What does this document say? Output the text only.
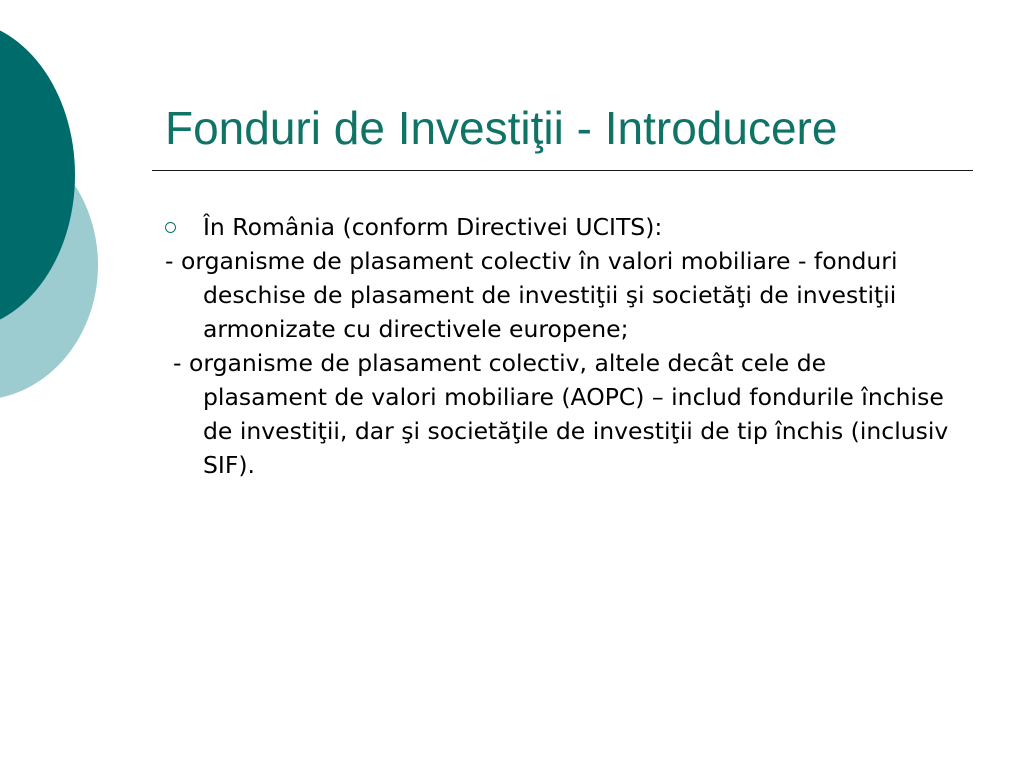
Fonduri de Investiţii - Introducere

În România (conform Directivei UCITS):

- organisme de plasament colectiv în valori mobiliare - fonduri deschise de plasament de investiţii şi societăţi de investiţii armonizate cu directivele europene;

- organisme de plasament colectiv, altele decât cele de plasament de valori mobiliare (AOPC) – includ fondurile închise de investiţii, dar şi societăţile de investiţii de tip închis (inclusiv SIF).
